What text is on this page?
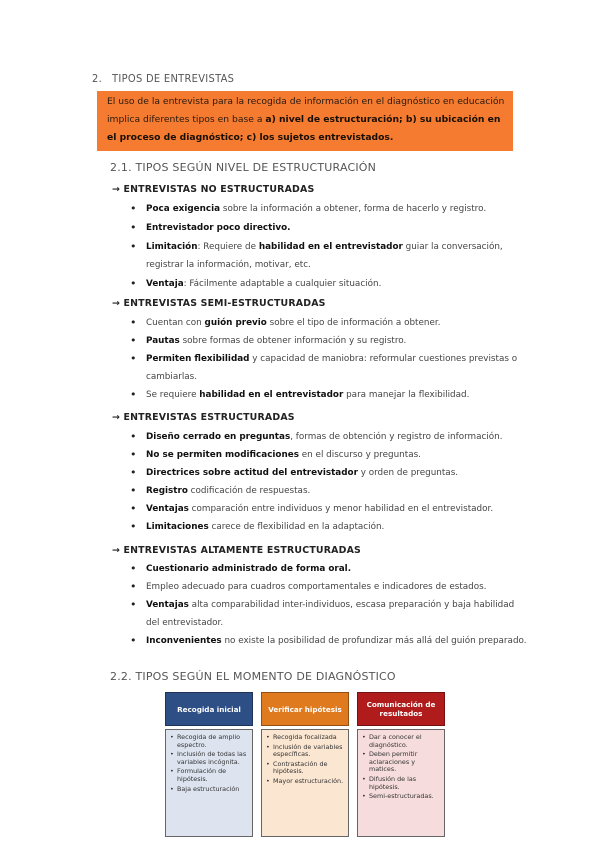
2. TIPOS DE ENTREVISTAS
El uso de la entrevista para la recogida de información en el diagnóstico en educación implica diferentes tipos en base a a) nivel de estructuración; b) su ubicación en el proceso de diagnóstico; c) los sujetos entrevistados.
2.1. TIPOS SEGÚN NIVEL DE ESTRUCTURACIÓN
→ ENTREVISTAS NO ESTRUCTURADAS
• Poca exigencia sobre la información a obtener, forma de hacerlo y registro.
• Entrevistador poco directivo.
• Limitación: Requiere de habilidad en el entrevistador guiar la conversación, registrar la información, motivar, etc.
• Ventaja: Fácilmente adaptable a cualquier situación.
→ ENTREVISTAS SEMI-ESTRUCTURADAS
• Cuentan con guión previo sobre el tipo de información a obtener.
• Pautas sobre formas de obtener información y su registro.
• Permiten flexibilidad y capacidad de maniobra: reformular cuestiones previstas o cambiarlas.
• Se requiere habilidad en el entrevistador para manejar la flexibilidad.
→ ENTREVISTAS ESTRUCTURADAS
• Diseño cerrado en preguntas, formas de obtención y registro de información.
• No se permiten modificaciones en el discurso y preguntas.
• Directrices sobre actitud del entrevistador y orden de preguntas.
• Registro codificación de respuestas.
• Ventajas comparación entre individuos y menor habilidad en el entrevistador.
• Limitaciones carece de flexibilidad en la adaptación.
→ ENTREVISTAS ALTAMENTE ESTRUCTURADAS
• Cuestionario administrado de forma oral.
• Empleo adecuado para cuadros comportamentales e indicadores de estados.
• Ventajas alta comparabilidad inter-individuos, escasa preparación y baja habilidad del entrevistador.
• Inconvenientes no existe la posibilidad de profundizar más allá del guión preparado.
2.2. TIPOS SEGÚN EL MOMENTO DE DIAGNÓSTICO
Recogida inicial
• Recogida de amplio espectro.
• Inclusión de todas las variables incógnita.
• Formulación de hipótesis.
• Baja estructuración
Verificar hipótesis
• Recogida focalizada
• Inclusión de variables específicas.
• Contrastación de hipótesis.
• Mayor estructuración.
Comunicación de resultados
• Dar a conocer el diagnóstico.
• Deben permitir aclaraciones y matices.
• Difusión de las hipótesis.
• Semi-estructuradas.
